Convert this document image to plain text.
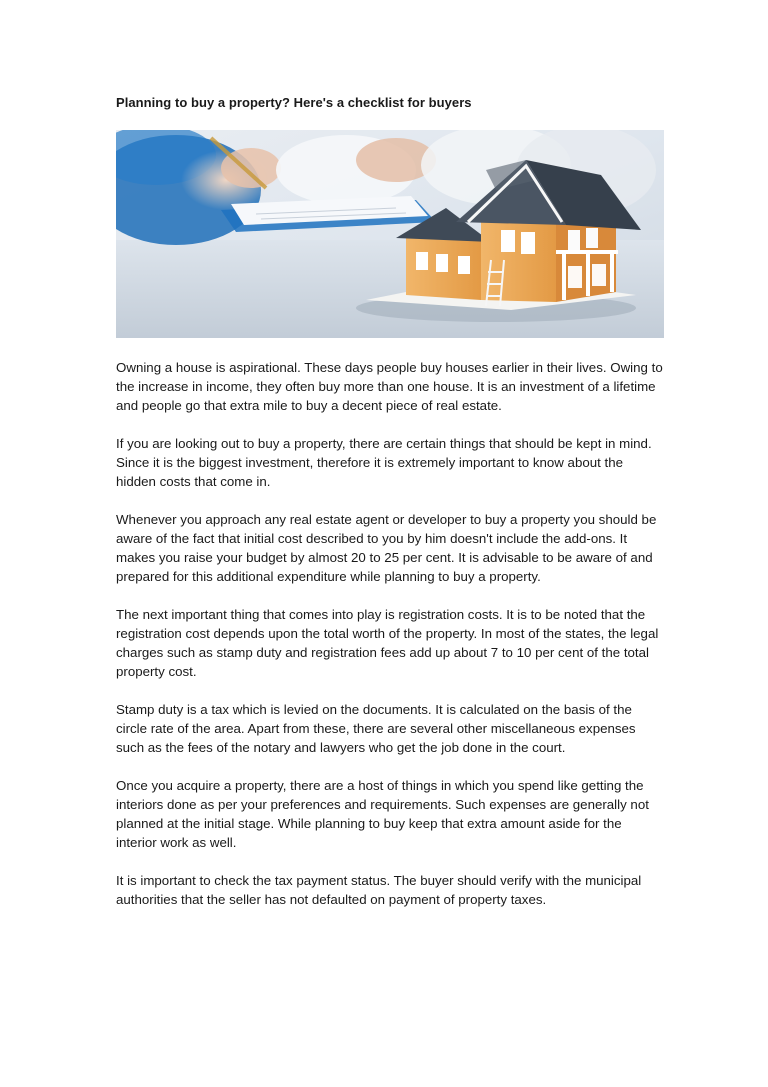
Planning to buy a property? Here's a checklist for buyers

Owning a house is aspirational. These days people buy houses earlier in their lives. Owing to the increase in income, they often buy more than one house. It is an investment of a lifetime and people go that extra mile to buy a decent piece of real estate.

If you are looking out to buy a property, there are certain things that should be kept in mind. Since it is the biggest investment, therefore it is extremely important to know about the hidden costs that come in.

Whenever you approach any real estate agent or developer to buy a property you should be aware of the fact that initial cost described to you by him doesn't include the add-ons. It makes you raise your budget by almost 20 to 25 per cent. It is advisable to be aware of and prepared for this additional expenditure while planning to buy a property.

The next important thing that comes into play is registration costs. It is to be noted that the registration cost depends upon the total worth of the property. In most of the states, the legal charges such as stamp duty and registration fees add up about 7 to 10 per cent of the total property cost.

Stamp duty is a tax which is levied on the documents. It is calculated on the basis of the circle rate of the area. Apart from these, there are several other miscellaneous expenses such as the fees of the notary and lawyers who get the job done in the court.

Once you acquire a property, there are a host of things in which you spend like getting the interiors done as per your preferences and requirements. Such expenses are generally not planned at the initial stage. While planning to buy keep that extra amount aside for the interior work as well.

It is important to check the tax payment status. The buyer should verify with the municipal authorities that the seller has not defaulted on payment of property taxes.
